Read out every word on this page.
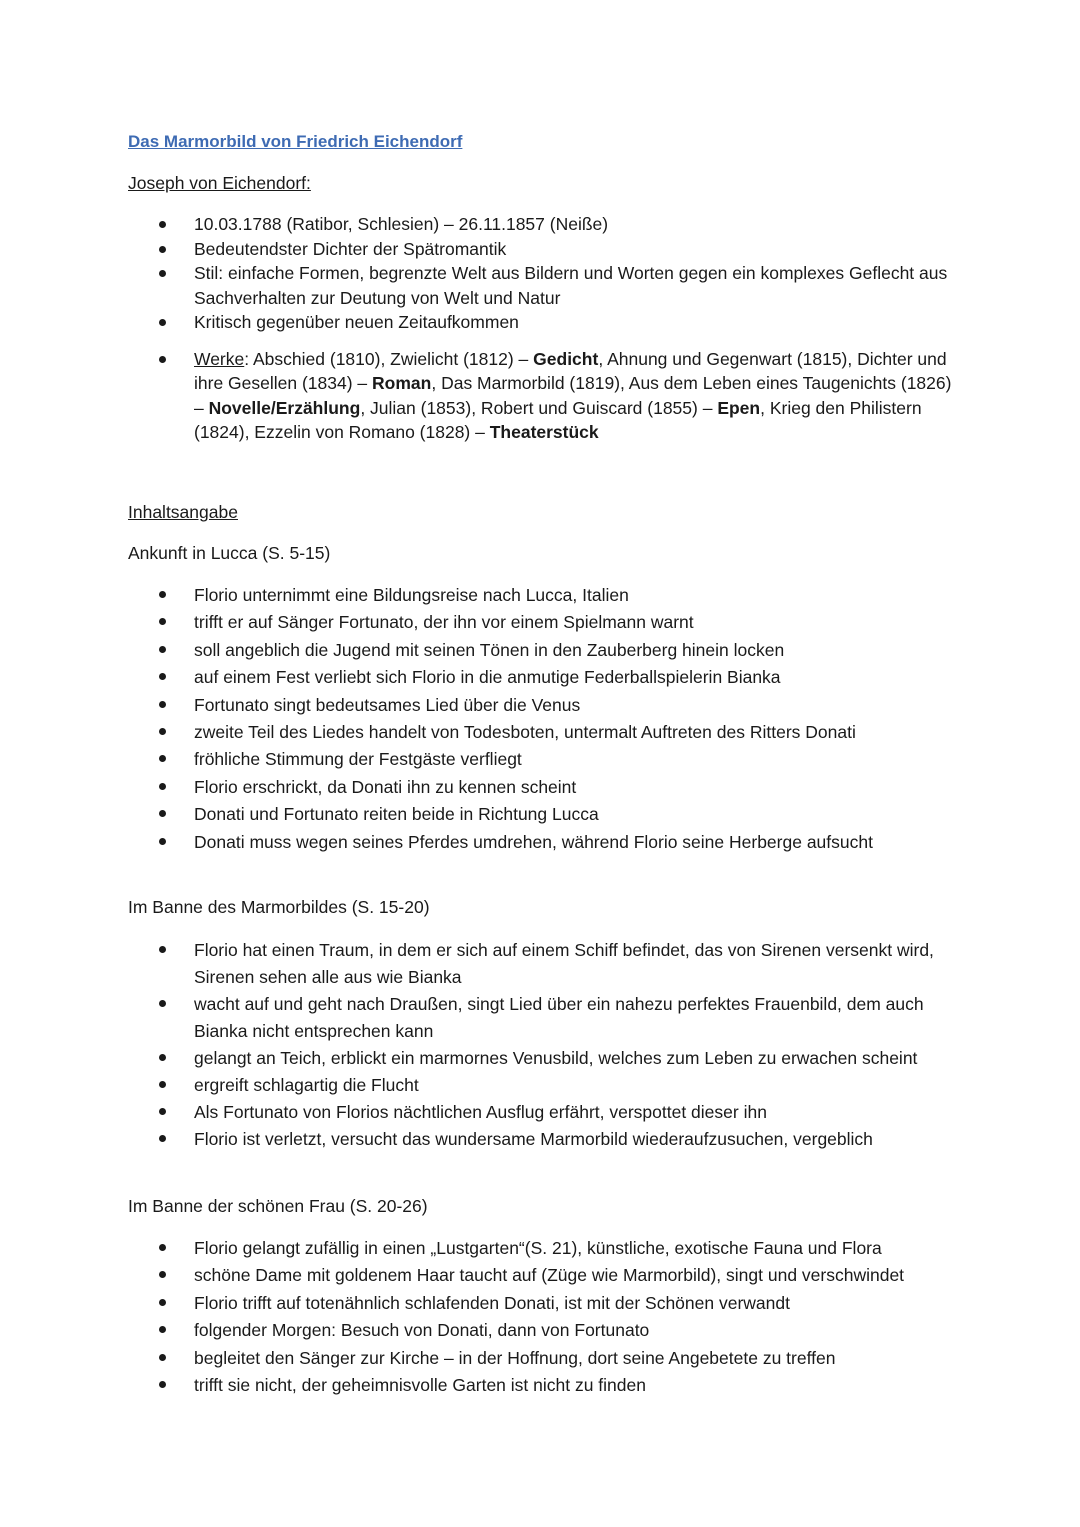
Das Marmorbild von Friedrich Eichendorf
Joseph von Eichendorf:
10.03.1788 (Ratibor, Schlesien) – 26.11.1857 (Neiße)
Bedeutendster Dichter der Spätromantik
Stil: einfache Formen, begrenzte Welt aus Bildern und Worten gegen ein komplexes Geflecht aus Sachverhalten zur Deutung von Welt und Natur
Kritisch gegenüber neuen Zeitaufkommen
Werke: Abschied (1810), Zwielicht (1812) – Gedicht, Ahnung und Gegenwart (1815), Dichter und ihre Gesellen (1834) – Roman, Das Marmorbild (1819), Aus dem Leben eines Taugenichts (1826) – Novelle/Erzählung, Julian (1853), Robert und Guiscard (1855) – Epen, Krieg den Philistern (1824), Ezzelin von Romano (1828) – Theaterstück
Inhaltsangabe
Ankunft in Lucca (S. 5-15)
Florio unternimmt eine Bildungsreise nach Lucca, Italien
trifft er auf Sänger Fortunato, der ihn vor einem Spielmann warnt
soll angeblich die Jugend mit seinen Tönen in den Zauberberg hinein locken
auf einem Fest verliebt sich Florio in die anmutige Federballspielerin Bianka
Fortunato singt bedeutsames Lied über die Venus
zweite Teil des Liedes handelt von Todesboten, untermalt Auftreten des Ritters Donati
fröhliche Stimmung der Festgäste verfliegt
Florio erschrickt, da Donati ihn zu kennen scheint
Donati und Fortunato reiten beide in Richtung Lucca
Donati muss wegen seines Pferdes umdrehen, während Florio seine Herberge aufsucht
Im Banne des Marmorbildes (S. 15-20)
Florio hat einen Traum, in dem er sich auf einem Schiff befindet, das von Sirenen versenkt wird, Sirenen sehen alle aus wie Bianka
wacht auf und geht nach Draußen, singt Lied über ein nahezu perfektes Frauenbild, dem auch Bianka nicht entsprechen kann
gelangt an Teich, erblickt ein marmornes Venusbild, welches zum Leben zu erwachen scheint
ergreift schlagartig die Flucht
Als Fortunato von Florios nächtlichen Ausflug erfährt, verspottet dieser ihn
Florio ist verletzt, versucht das wundersame Marmorbild wiederaufzusuchen, vergeblich
Im Banne der schönen Frau (S. 20-26)
Florio gelangt zufällig in einen „Lustgarten“(S. 21), künstliche, exotische Fauna und Flora
schöne Dame mit goldenem Haar taucht auf (Züge wie Marmorbild), singt und verschwindet
Florio trifft auf totenähnlich schlafenden Donati, ist mit der Schönen verwandt
folgender Morgen: Besuch von Donati, dann von Fortunato
begleitet den Sänger zur Kirche – in der Hoffnung, dort seine Angebetete zu treffen
trifft sie nicht, der geheimnisvolle Garten ist nicht zu finden
